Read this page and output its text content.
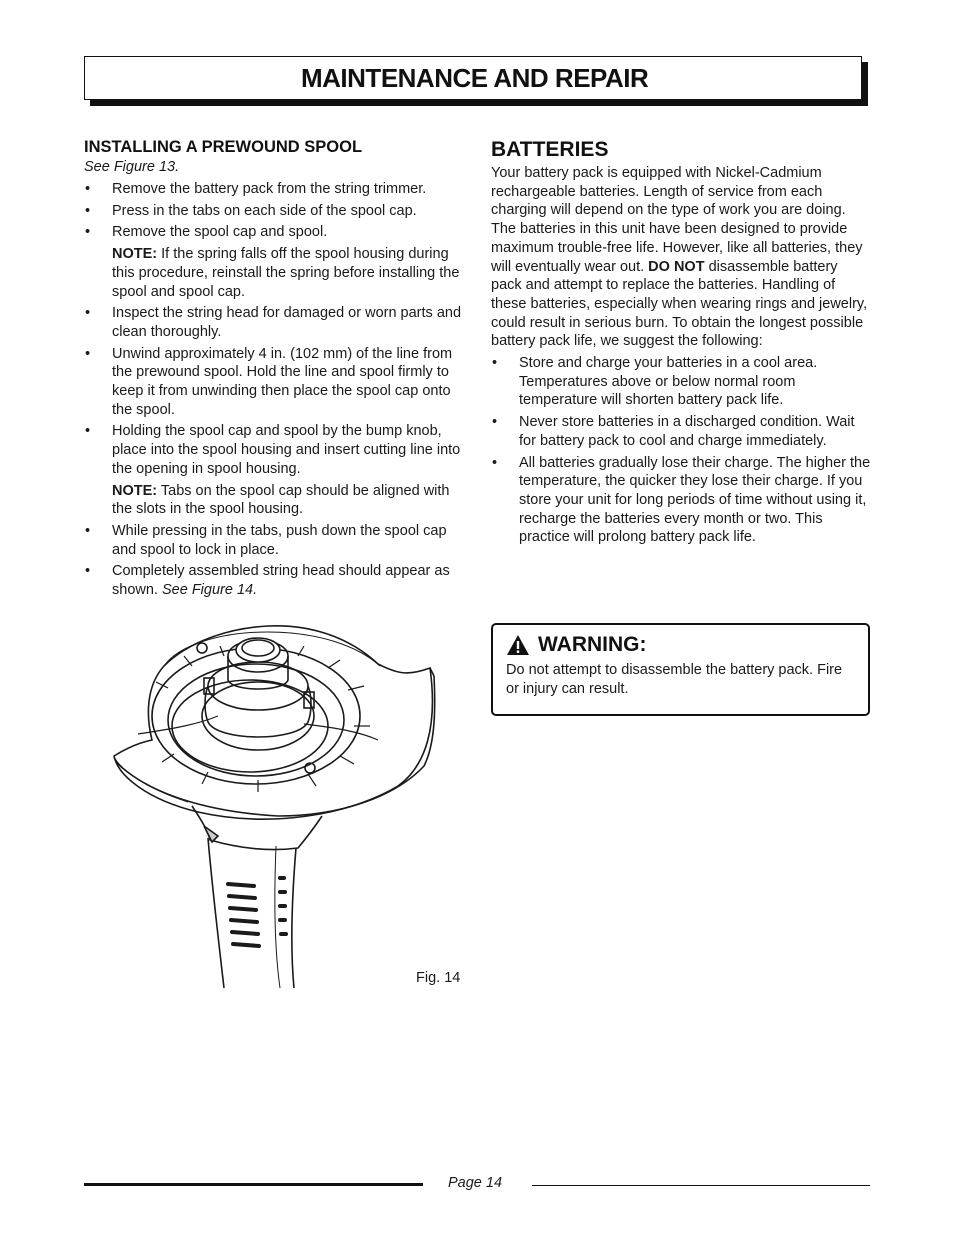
MAINTENANCE AND REPAIR
INSTALLING A PREWOUND SPOOL
See Figure 13.
• Remove the battery pack from the string trimmer.
• Press in the tabs on each side of the spool cap.
• Remove the spool cap and spool.
NOTE: If the spring falls off the spool housing during this procedure, reinstall the spring before installing the spool and spool cap.
• Inspect the string head for damaged or worn parts and clean thoroughly.
• Unwind approximately 4 in. (102 mm) of the line from the prewound spool. Hold the line and spool firmly to keep it from unwinding then place the spool cap onto the spool.
• Holding the spool cap and spool by the bump knob, place into the spool housing and insert cutting line into the opening in spool housing.
NOTE: Tabs on the spool cap should be aligned with the slots in the spool housing.
• While pressing in the tabs, push down the spool cap and spool to lock in place.
• Completely assembled string head should appear as shown. See Figure 14.
Fig. 14
BATTERIES

Your battery pack is equipped with Nickel-Cadmium rechargeable batteries. Length of service from each charging will depend on the type of work you are doing. The batteries in this unit have been designed to provide maximum trouble-free life. However, like all batteries, they will eventually wear out. DO NOT disassemble battery pack and attempt to replace the batteries. Handling of these batteries, especially when wearing rings and jewelry, could result in serious burn. To obtain the longest possible battery pack life, we suggest the following:

• Store and charge your batteries in a cool area. Temperatures above or below normal room temperature will shorten battery pack life.
• Never store batteries in a discharged condition. Wait for battery pack to cool and charge immediately.
• All batteries gradually lose their charge. The higher the temperature, the quicker they lose their charge. If you store your unit for long periods of time without using it, recharge the batteries every month or two. This practice will prolong battery pack life.
WARNING:
Do not attempt to disassemble the battery pack. Fire or injury can result.
Page 14
